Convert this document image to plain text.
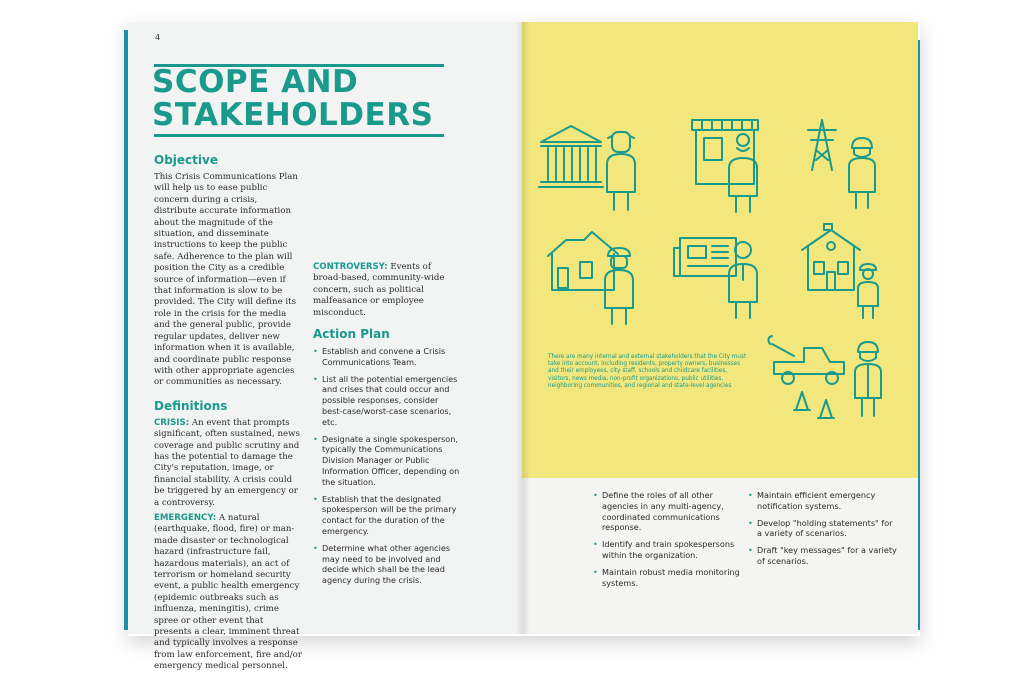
4
SCOPE AND
STAKEHOLDERS
Objective

This Crisis Communications Plan will help us to ease public concern during a crisis, distribute accurate information about the magnitude of the situation, and disseminate instructions to keep the public safe. Adherence to the plan will position the City as a credible source of information—even if that information is slow to be provided. The City will define its role in the crisis for the media and the general public, provide regular updates, deliver new information when it is available, and coordinate public response with other appropriate agencies or communities as necessary.

Definitions

CRISIS: An event that prompts significant, often sustained, news coverage and public scrutiny and has the potential to damage the City's reputation, image, or financial stability. A crisis could be triggered by an emergency or a controversy.

EMERGENCY: A natural (earthquake, flood, fire) or man-made disaster or technological hazard (infrastructure fail, hazardous materials), an act of terrorism or homeland security event, a public health emergency (epidemic outbreaks such as influenza, meningitis), crime spree or other event that presents a clear, imminent threat and typically involves a response from law enforcement, fire and/or emergency medical personnel.

CONTROVERSY: Events of broad-based, community-wide concern, such as political malfeasance or employee misconduct.

Action Plan
• Establish and convene a Crisis Communications Team.
• List all the potential emergencies and crises that could occur and possible responses, consider best-case/worst-case scenarios, etc.
• Designate a single spokesperson, typically the Communications Division Manager or Public Information Officer, depending on the situation.
• Establish that the designated spokesperson will be the primary contact for the duration of the emergency.
• Determine what other agencies may need to be involved and decide which shall be the lead agency during the crisis.
• Define the roles of all other agencies in any multi-agency, coordinated communications response.
• Identify and train spokespersons within the organization.
• Maintain robust media monitoring systems.
• Maintain efficient emergency notification systems.
• Develop "holding statements" for a variety of scenarios.
• Draft "key messages" for a variety of scenarios.
There are many internal and external stakeholders that the City must take into account, including residents, property owners, businesses and their employees, city staff, schools and childcare facilities, visitors, news media, non-profit organizations, public utilities, neighboring communities, and regional and state-level agencies
